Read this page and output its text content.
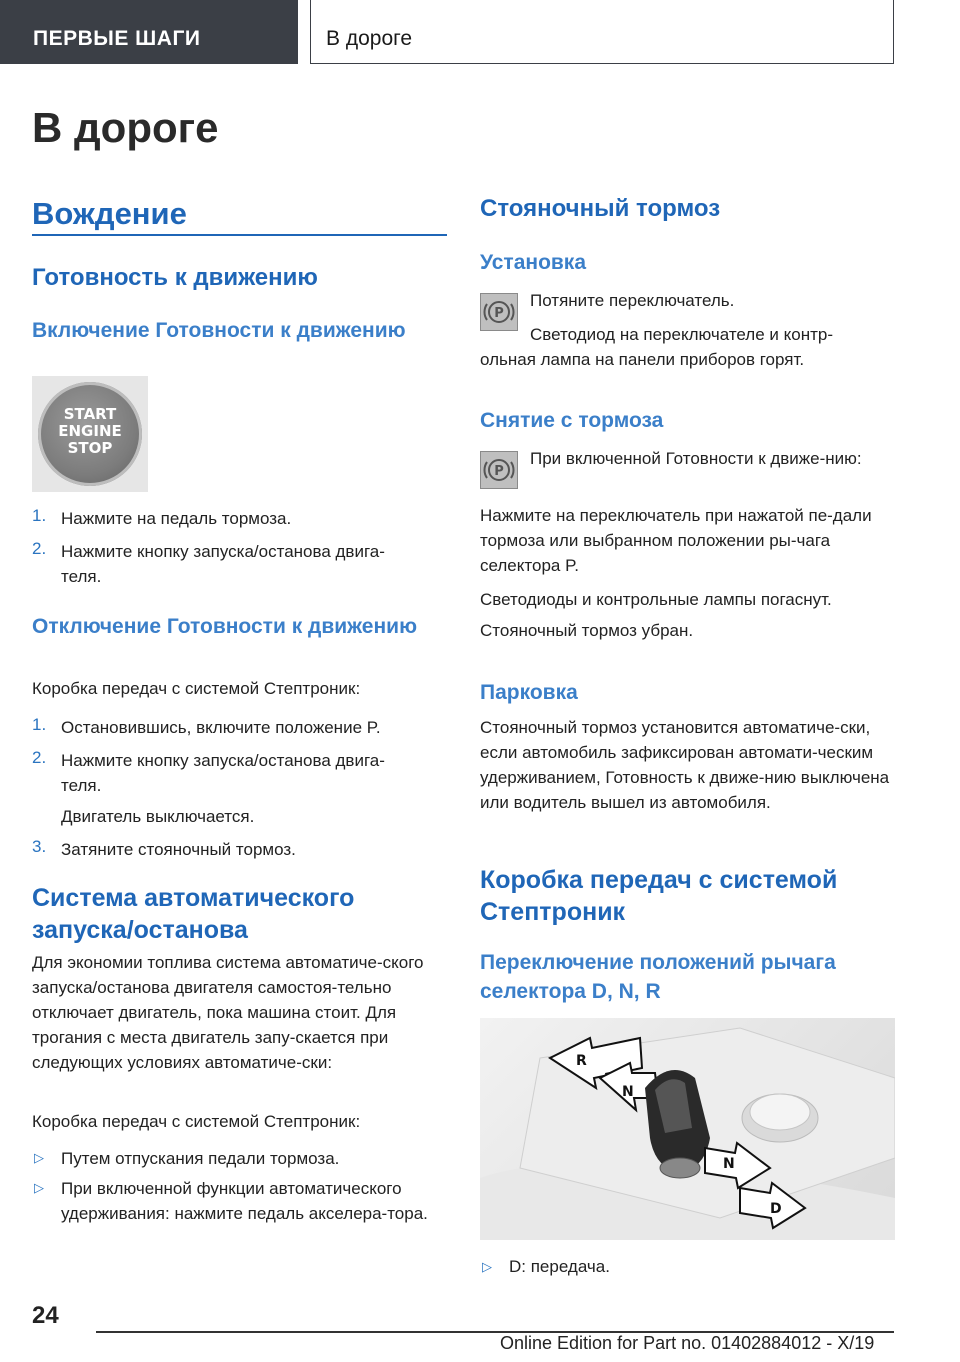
ПЕРВЫЕ ШАГИ	В дороге
В дороге
Вождение
Готовность к движению
Включение Готовности к движению
START
ENGINE
STOP
1. Нажмите на педаль тормоза.
2. Нажмите кнопку запуска/останова двига-теля.
Отключение Готовности к движению
Коробка передач с системой Стептроник:
1. Остановившись, включите положение P.
2. Нажмите кнопку запуска/останова двига-теля.
Двигатель выключается.
3. Затяните стояночный тормоз.
Система автоматического запуска/останова
Для экономии топлива система автоматиче-ского запуска/останова двигателя самостоя-тельно отключает двигатель, пока машина стоит. Для трогания с места двигатель запу-скается при следующих условиях автоматиче-ски:
Коробка передач с системой Стептроник:
▷ Путем отпускания педали тормоза.
▷ При включенной функции автоматического удерживания: нажмите педаль акселера-тора.
Стояночный тормоз
Установка
P
Потяните переключатель.
Светодиод на переключателе и контр-ольная лампа на панели приборов горят.
Снятие с тормоза
P
При включенной Готовности к движе-нию:
Нажмите на переключатель при нажатой пе-дали тормоза или выбранном положении ры-чага селектора P.
Светодиоды и контрольные лампы погаснут.
Стояночный тормоз убран.
Парковка
Стояночный тормоз установится автоматиче-ски, если автомобиль зафиксирован автомати-ческим удерживанием, Готовность к движе-нию выключена или водитель вышел из автомобиля.
Коробка передач с системой Стептроник
Переключение положений рычага селектора D, N, R
R
N
N
D
▷ D: передача.
24
Online Edition for Part no. 01402884012 - X/19
